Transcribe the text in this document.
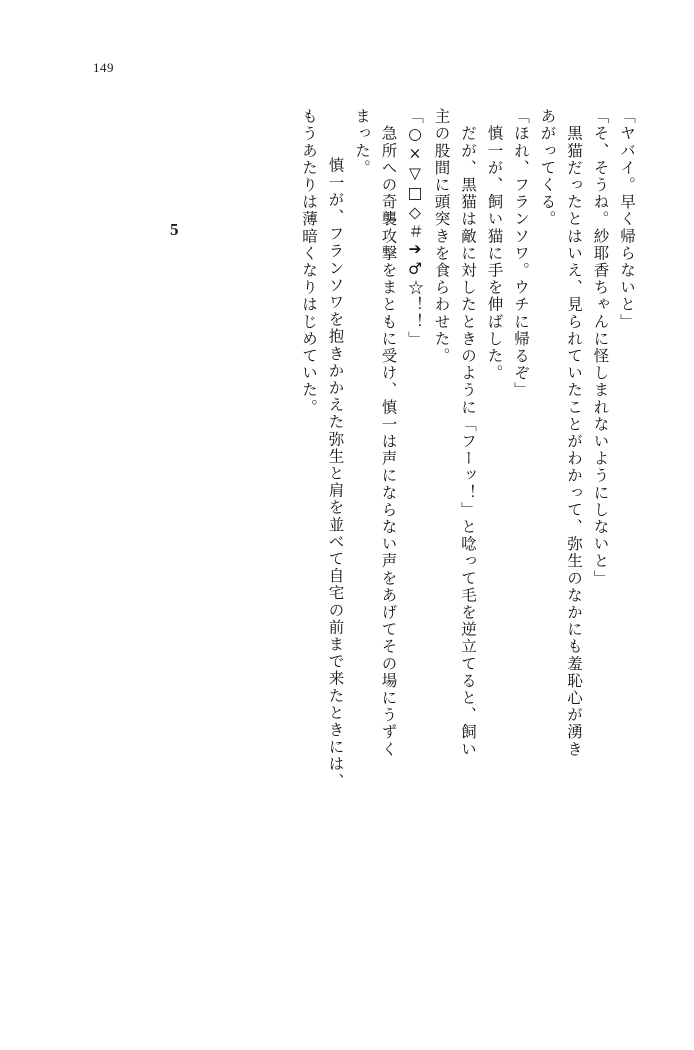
149
5	「ヤバイ。早く帰らないと」
「そ、そうね。紗耶香ちゃんに怪しまれないようにしないと」
　黒猫だったとはいえ、見られていたことがわかって、弥生のなかにも羞恥心が湧き
あがってくる。
「ほれ、フランソワ。ウチに帰るぞ」
　慎一が、飼い猫に手を伸ばした。
　だが、黒猫は敵に対したときのように「フーッ！」と唸って毛を逆立てると、飼い
主の股間に頭突きを食らわせた。
「○×▽□◇＃➔♂☆！！」
　急所への奇襲攻撃をまともに受け、慎一は声にならない声をあげてその場にうずく
まった。
　慎一が、フランソワを抱きかかえた弥生と肩を並べて自宅の前まで来たときには、
もうあたりは薄暗くなりはじめていた。
